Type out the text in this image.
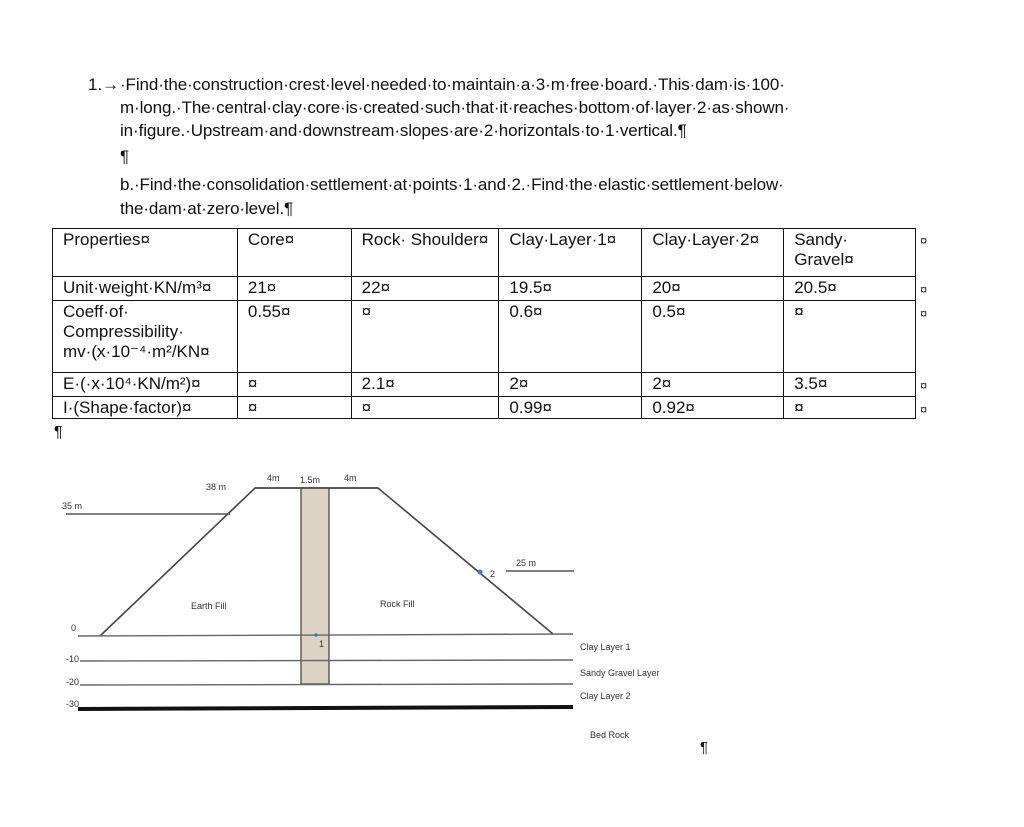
1.→ ·Find·the·construction·crest·level·needed·to·maintain·a·3·m·free·board.·This·dam·is·100·
m·long.·The·central·clay·core·is·created·such·that·it·reaches·bottom·of·layer·2·as·shown·
in·figure.·Upstream·and·downstream·slopes·are·2·horizontals·to·1·vertical.¶
¶
b.·Find·the·consolidation·settlement·at·points·1·and·2.·Find·the·elastic·settlement·below·
the·dam·at·zero·level.¶
Properties¤	Core¤	Rock· Shoulder¤	Clay·Layer·1¤	Clay·Layer·2¤	Sandy· Gravel¤
Unit·weight·KN/m³¤	21¤	22¤	19.5¤	20¤	20.5¤
Coeff·of· Compressibility· mv·(x·10⁻⁴·m²/KN¤	0.55¤	¤	0.6¤	0.5¤	¤
E·(·x·10⁴·KN/m²)¤	¤	2.1¤	2¤	2¤	3.5¤
I·(Shape·factor)¤	¤	¤	0.99¤	0.92¤	¤
¤
¤
¤
¤
¤
¶
38 m
4m 1.5m	4m
35 m
25 m
2
1
Earth Fill	Rock Fill
0
-10
-20
-30
Clay Layer 1
Sandy Gravel Layer
Clay Layer 2
Bed Rock
¶
